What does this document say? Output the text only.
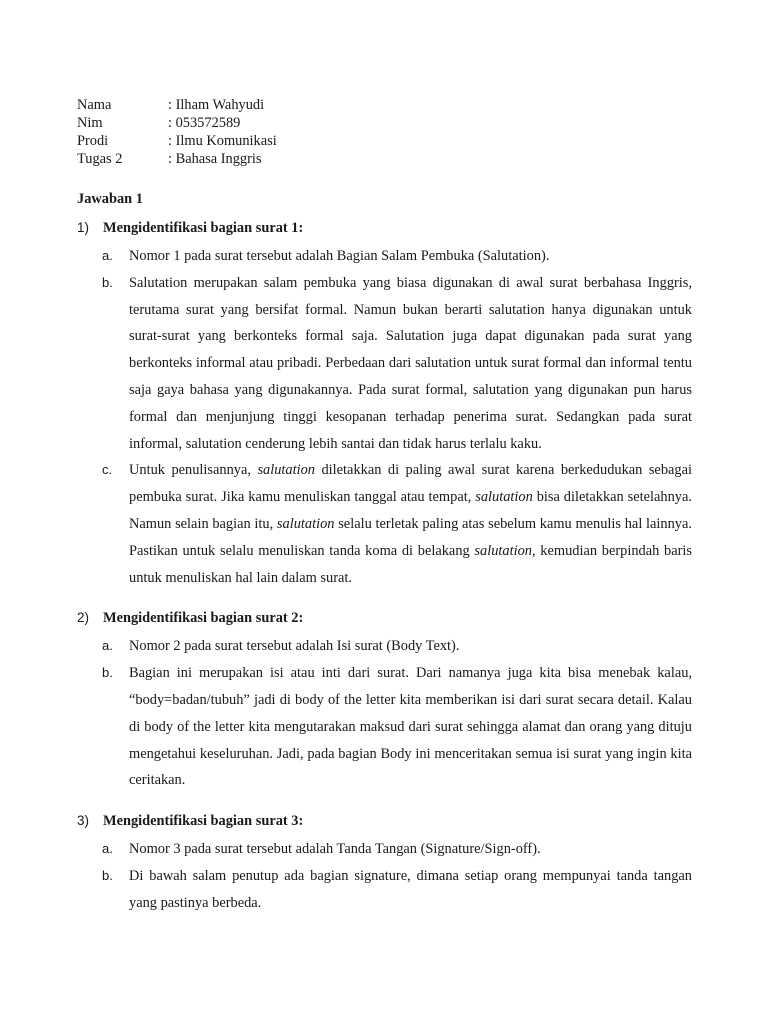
Nama	: Ilham Wahyudi
Nim	: 053572589
Prodi	: Ilmu Komunikasi
Tugas 2	: Bahasa Inggris
Jawaban 1
1) Mengidentifikasi bagian surat 1:
a.	Nomor 1 pada surat tersebut adalah Bagian Salam Pembuka (Salutation).
b.	Salutation merupakan salam pembuka yang biasa digunakan di awal surat berbahasa Inggris, terutama surat yang bersifat formal. Namun bukan berarti salutation hanya digunakan untuk surat-surat yang berkonteks formal saja. Salutation juga dapat digunakan pada surat yang berkonteks informal atau pribadi. Perbedaan dari salutation untuk surat formal dan informal tentu saja gaya bahasa yang digunakannya. Pada surat formal, salutation yang digunakan pun harus formal dan menjunjung tinggi kesopanan terhadap penerima surat. Sedangkan pada surat informal, salutation cenderung lebih santai dan tidak harus terlalu kaku.
c.	Untuk penulisannya, salutation diletakkan di paling awal surat karena berkedudukan sebagai pembuka surat. Jika kamu menuliskan tanggal atau tempat, salutation bisa diletakkan setelahnya. Namun selain bagian itu, salutation selalu terletak paling atas sebelum kamu menulis hal lainnya. Pastikan untuk selalu menuliskan tanda koma di belakang salutation, kemudian berpindah baris untuk menuliskan hal lain dalam surat.
2) Mengidentifikasi bagian surat 2:
a.	Nomor 2 pada surat tersebut adalah Isi surat (Body Text).
b.	Bagian ini merupakan isi atau inti dari surat. Dari namanya juga kita bisa menebak kalau, “body=badan/tubuh” jadi di body of the letter kita memberikan isi dari surat secara detail. Kalau di body of the letter kita mengutarakan maksud dari surat sehingga alamat dan orang yang dituju mengetahui keseluruhan. Jadi, pada bagian Body ini menceritakan semua isi surat yang ingin kita ceritakan.
3) Mengidentifikasi bagian surat 3:
a.	Nomor 3 pada surat tersebut adalah Tanda Tangan (Signature/Sign-off).
b.	Di bawah salam penutup ada bagian signature, dimana setiap orang mempunyai tanda tangan yang pastinya berbeda.
